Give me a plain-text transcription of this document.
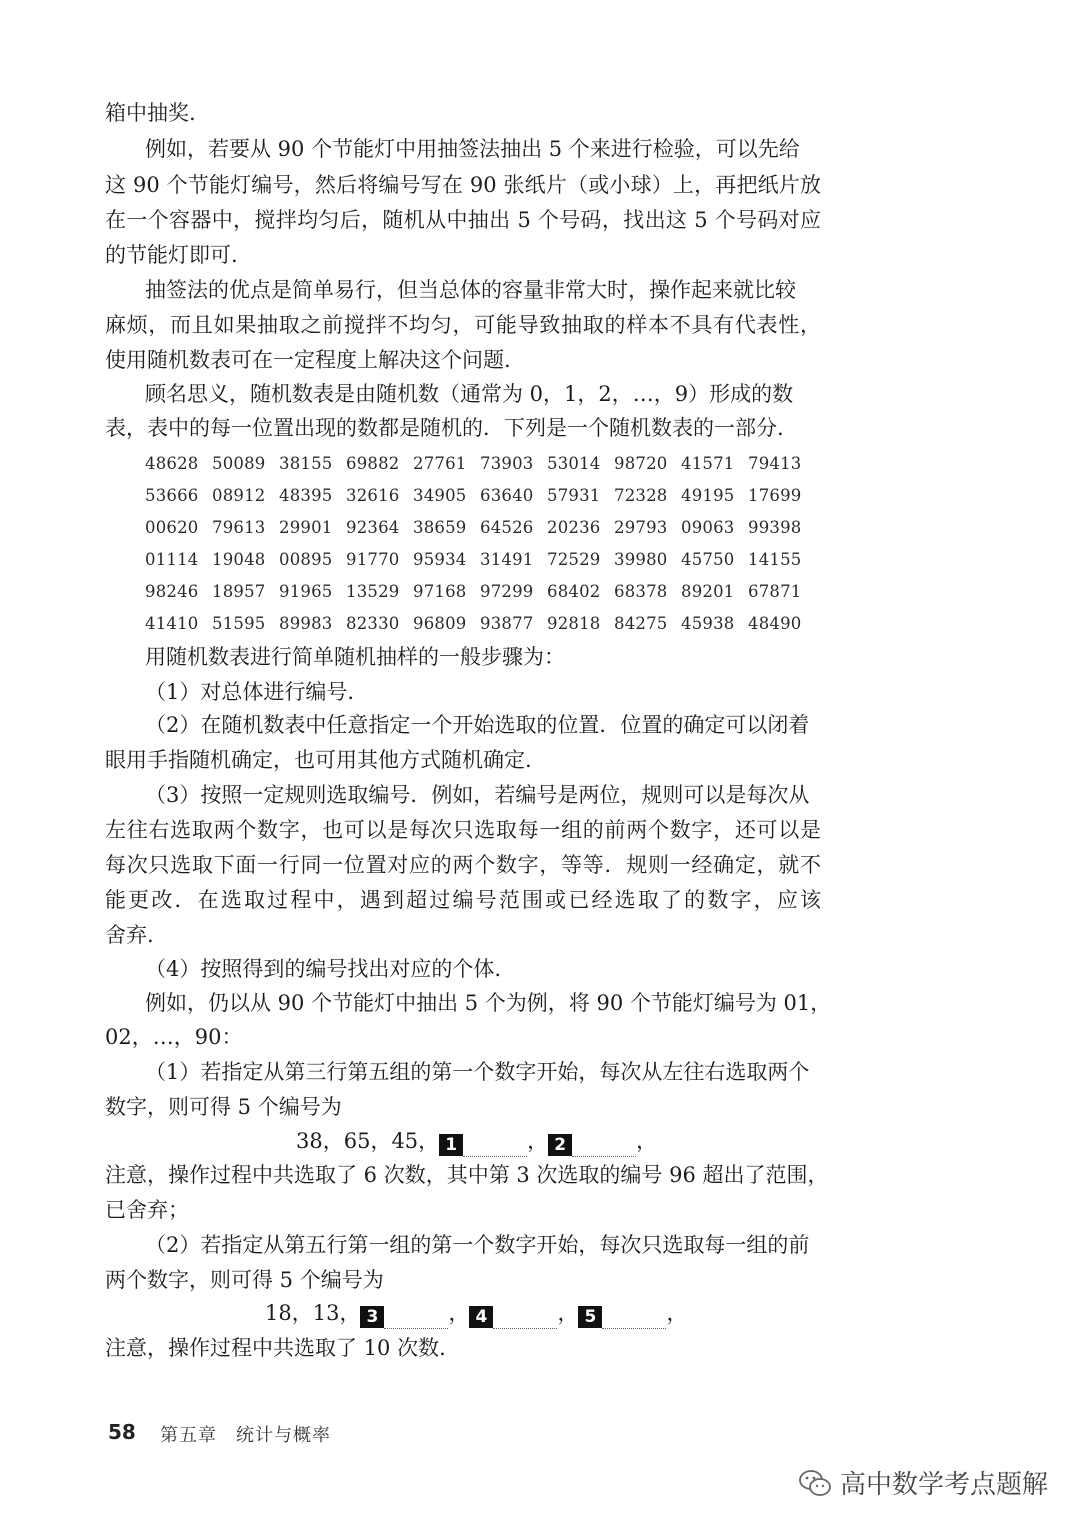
箱中抽奖.
例如，若要从 90 个节能灯中用抽签法抽出 5 个来进行检验，可以先给
这 90 个节能灯编号，然后将编号写在 90 张纸片（或小球）上，再把纸片放
在一个容器中，搅拌均匀后，随机从中抽出 5 个号码，找出这 5 个号码对应
的节能灯即可.
抽签法的优点是简单易行，但当总体的容量非常大时，操作起来就比较
麻烦，而且如果抽取之前搅拌不均匀，可能导致抽取的样本不具有代表性，
使用随机数表可在一定程度上解决这个问题.
顾名思义，随机数表是由随机数（通常为 0，1，2，…，9）形成的数
表，表中的每一位置出现的数都是随机的．下列是一个随机数表的一部分.
48628	50089	38155	69882	27761	73903	53014	98720	41571	79413
53666	08912	48395	32616	34905	63640	57931	72328	49195	17699
00620	79613	29901	92364	38659	64526	20236	29793	09063	99398
01114	19048	00895	91770	95934	31491	72529	39980	45750	14155
98246	18957	91965	13529	97168	97299	68402	68378	89201	67871
41410	51595	89983	82330	96809	93877	92818	84275	45938	48490
用随机数表进行简单随机抽样的一般步骤为：
（1）对总体进行编号.
（2）在随机数表中任意指定一个开始选取的位置．位置的确定可以闭着
眼用手指随机确定，也可用其他方式随机确定.
（3）按照一定规则选取编号．例如，若编号是两位，规则可以是每次从
左往右选取两个数字，也可以是每次只选取每一组的前两个数字，还可以是
每次只选取下面一行同一位置对应的两个数字，等等．规则一经确定，就不
能更改．在选取过程中，遇到超过编号范围或已经选取了的数字，应该
舍弃.
（4）按照得到的编号找出对应的个体.
例如，仍以从 90 个节能灯中抽出 5 个为例，将 90 个节能灯编号为 01，
02，…，90：
（1）若指定从第三行第五组的第一个数字开始，每次从左往右选取两个
数字，则可得 5 个编号为
38，65，45， 1	， 2	，
注意，操作过程中共选取了 6 次数，其中第 3 次选取的编号 96 超出了范围，
已舍弃；
（2）若指定从第五行第一组的第一个数字开始，每次只选取每一组的前
两个数字，则可得 5 个编号为
18，13， 3	， 4	， 5	，
注意，操作过程中共选取了 10 次数.
58 第五章　统计与概率
高中数学考点题解
